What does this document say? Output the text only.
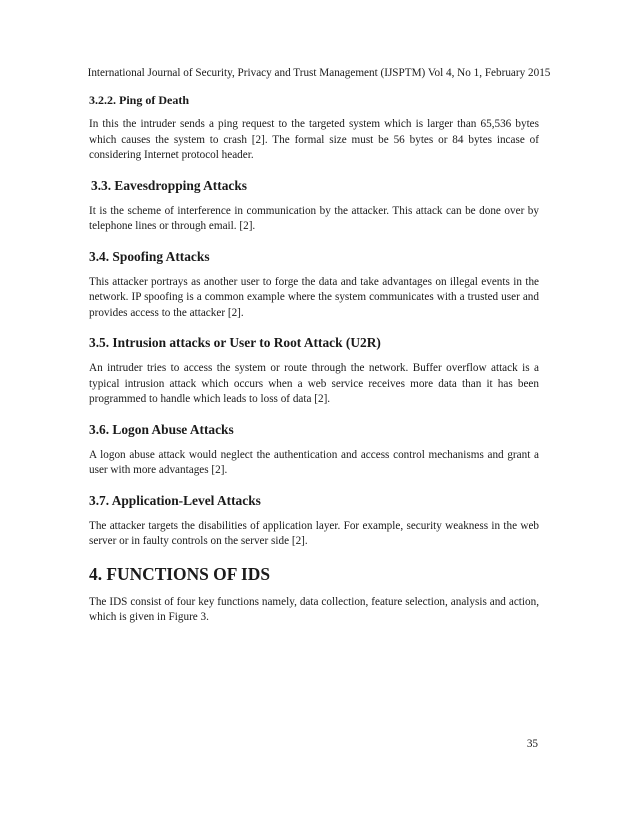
International Journal of Security, Privacy and Trust Management (IJSPTM) Vol 4, No 1, February 2015
3.2.2. Ping of Death

In this the intruder sends a ping request to the targeted system which is larger than 65,536 bytes which causes the system to crash [2]. The formal size must be 56 bytes or 84 bytes incase of considering Internet protocol header.

3.3. Eavesdropping Attacks

It is the scheme of interference in communication by the attacker. This attack can be done over by telephone lines or through email. [2].

3.4. Spoofing Attacks

This attacker portrays as another user to forge the data and take advantages on illegal events in the network. IP spoofing is a common example where the system communicates with a trusted user and provides access to the attacker [2].

3.5. Intrusion attacks or User to Root Attack (U2R)

An intruder tries to access the system or route through the network. Buffer overflow attack is a typical intrusion attack which occurs when a web service receives more data than it has been programmed to handle which leads to loss of data [2].

3.6. Logon Abuse Attacks

A logon abuse attack would neglect the authentication and access control mechanisms and grant a user with more advantages [2].

3.7. Application-Level Attacks

The attacker targets the disabilities of application layer. For example, security weakness in the web server or in faulty controls on the server side [2].

4. FUNCTIONS OF IDS

The IDS consist of four key functions namely, data collection, feature selection, analysis and action, which is given in Figure 3.

35
